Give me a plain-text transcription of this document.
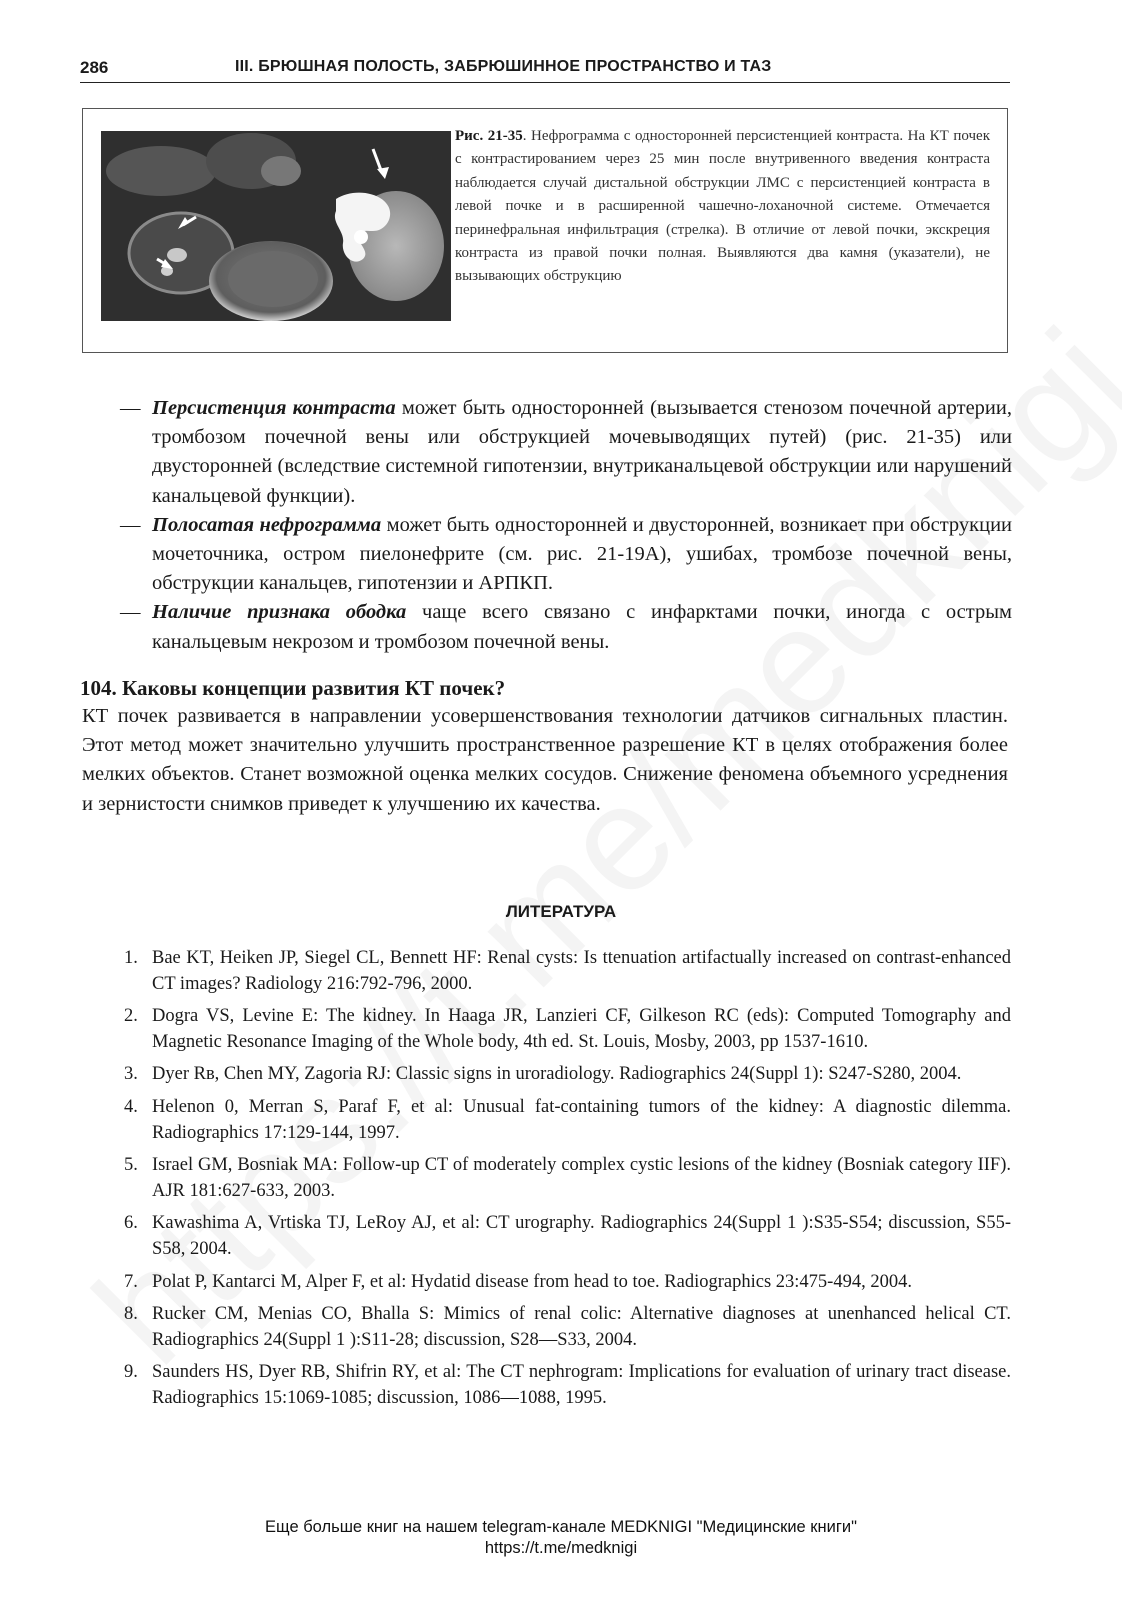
286	III. БРЮШНАЯ ПОЛОСТЬ, ЗАБРЮШИННОЕ ПРОСТРАНСТВО И ТАЗ
Рис. 21-35. Нефрограмма с односторонней персистенцией контраста. На КТ почек с контрастированием через 25 мин после внутривенного введения контраста наблюдается случай дистальной обструкции ЛМС с персистенцией контраста в левой почке и в расширенной чашечно-лоханочной системе. Отмечается перинефральная инфильтрация (стрелка). В отличие от левой почки, экскреция контраста из правой почки полная. Выявляются два камня (указатели), не вызывающих обструкцию
— Персистенция контраста может быть односторонней (вызывается стенозом почечной артерии, тромбозом почечной вены или обструкцией мочевыводящих путей) (рис. 21-35) или двусторонней (вследствие системной гипотензии, внутриканальцевой обструкции или нарушений канальцевой функции).
— Полосатая нефрограмма может быть односторонней и двусторонней, возникает при обструкции мочеточника, остром пиелонефрите (см. рис. 21-19А), ушибах, тромбозе почечной вены, обструкции канальцев, гипотензии и АРПКП.
— Наличие признака ободка чаще всего связано с инфарктами почки, иногда с острым канальцевым некрозом и тромбозом почечной вены.
104. Каковы концепции развития КТ почек?
КТ почек развивается в направлении усовершенствования технологии датчиков сигнальных пластин. Этот метод может значительно улучшить пространственное разрешение КТ в целях отображения более мелких объектов. Станет возможной оценка мелких сосудов. Снижение феномена объемного усреднения и зернистости снимков приведет к улучшению их качества.
ЛИТЕРАТУРА
1. Bae KT, Heiken JP, Siegel CL, Bennett HF: Renal cysts: Is ttenuation artifactually increased on contrast-enhanced CT images? Radiology 216:792-796, 2000.
2. Dogra VS, Levine E: The kidney. In Haaga JR, Lanzieri CF, Gilkeson RC (eds): Computed Tomography and Magnetic Resonance Imaging of the Whole body, 4th ed. St. Louis, Mosby, 2003, pp 1537-1610.
3. Dyer Rв, Chen MY, Zagoria RJ: Classic signs in uroradiology. Radiographics 24(Suppl 1): S247-S280, 2004.
4. Helenon 0, Merran S, Paraf F, et al: Unusual fat-containing tumors of the kidney: A diagnostic dilemma. Radiographics 17:129-144, 1997.
5. Israel GM, Bosniak MA: Follow-up CT of moderately complex cystic lesions of the kidney (Bosniak category IIF). AJR 181:627-633, 2003.
6. Kawashima A, Vrtiska TJ, LeRoy AJ, et al: CT urography. Radiographics 24(Suppl 1 ):S35-S54; discussion, S55-S58, 2004.
7. Polat P, Kantarci M, Alper F, et al: Hydatid disease from head to toe. Radiographics 23:475-494, 2004.
8. Rucker CM, Menias CO, Bhalla S: Mimics of renal colic: Alternative diagnoses at unenhanced helical CT. Radiographics 24(Suppl 1 ):S11-28; discussion, S28—S33, 2004.
9. Saunders HS, Dyer RB, Shifrin RY, et al: The CT nephrogram: Implications for evaluation of urinary tract disease. Radiographics 15:1069-1085; discussion, 1086—1088, 1995.
Еще больше книг на нашем telegram-канале MEDKNIGI "Медицинские книги"
https://t.me/medknigi
